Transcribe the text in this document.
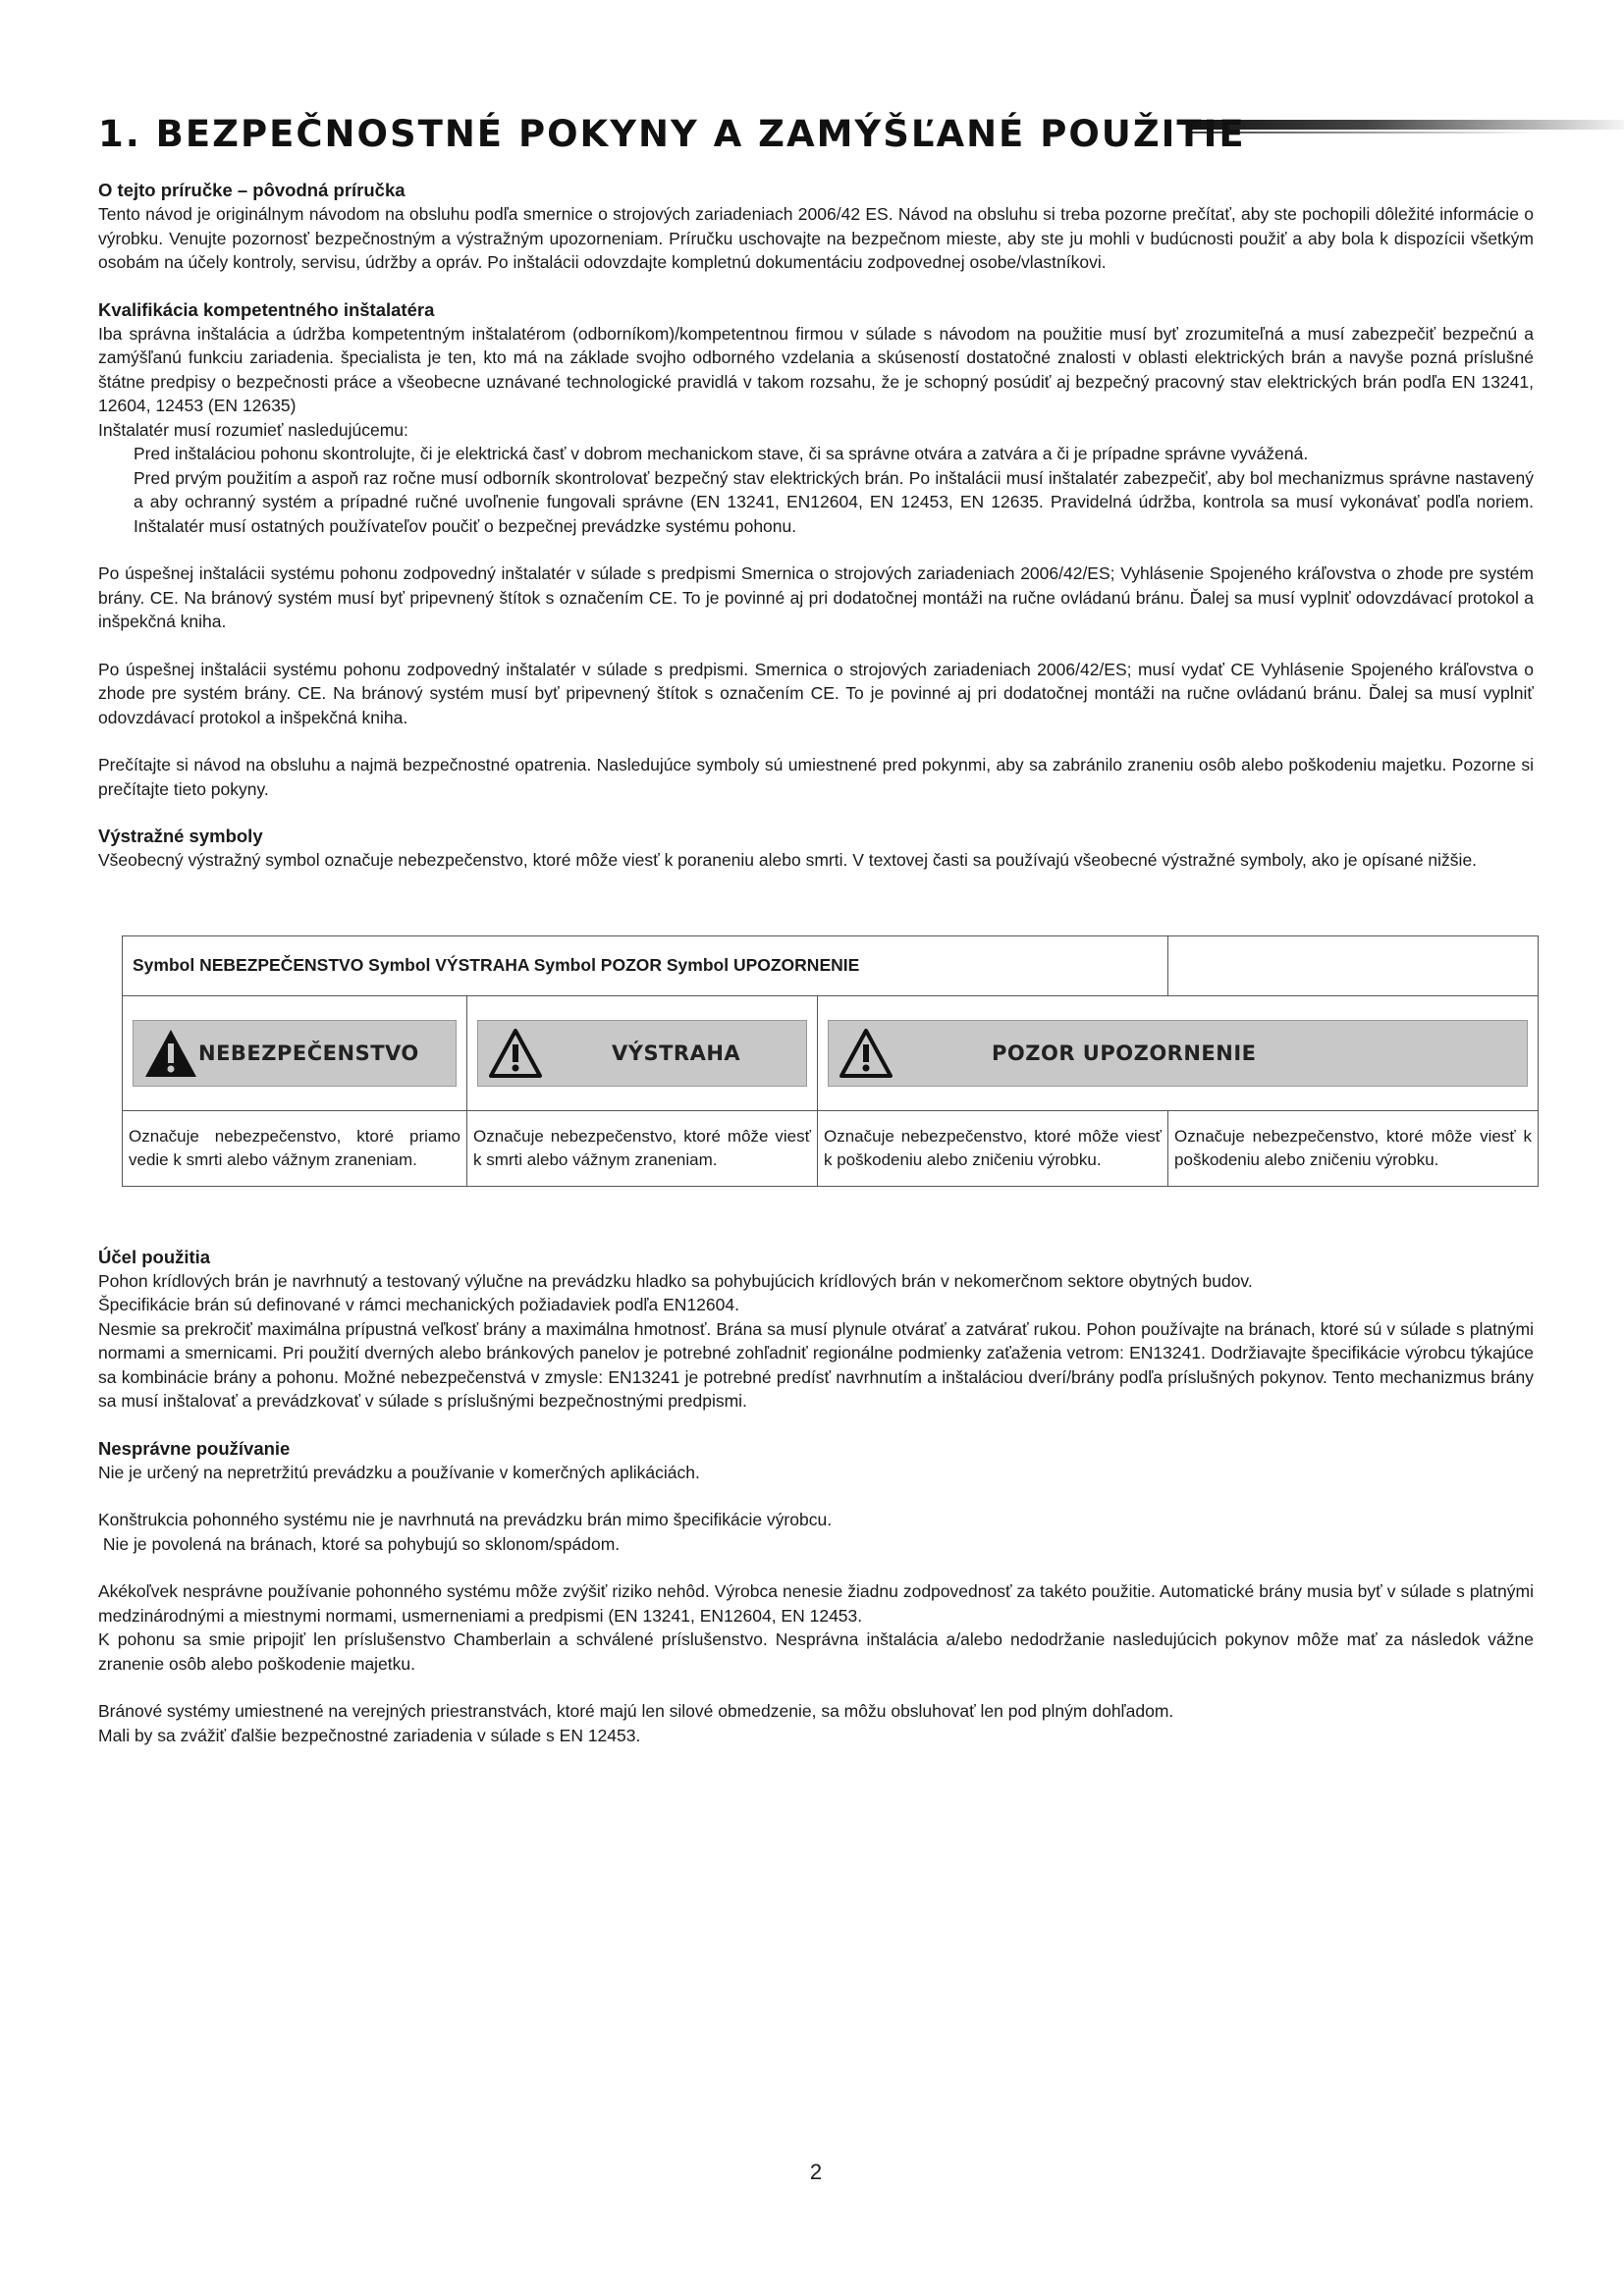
1. BEZPEČNOSTNÉ POKYNY A ZAMÝŠĽANÉ POUŽITIE
O tejto príručke – pôvodná príručka

Tento návod je originálnym návodom na obsluhu podľa smernice o strojových zariadeniach 2006/42 ES. Návod na obsluhu si treba pozorne prečítať, aby ste pochopili dôležité informácie o výrobku. Venujte pozornosť bezpečnostným a výstražným upozorneniam. Príručku uschovajte na bezpečnom mieste, aby ste ju mohli v budúcnosti použiť a aby bola k dispozícii všetkým osobám na účely kontroly, servisu, údržby a opráv. Po inštalácii odovzdajte kompletnú dokumentáciu zodpovednej osobe/vlastníkovi.

Kvalifikácia kompetentného inštalatéra

Iba správna inštalácia a údržba kompetentným inštalatérom (odborníkom)/kompetentnou firmou v súlade s návodom na použitie musí byť zrozumiteľná a musí zabezpečiť bezpečnú a zamýšľanú funkciu zariadenia. špecialista je ten, kto má na základe svojho odborného vzdelania a skúseností dostatočné znalosti v oblasti elektrických brán a navyše pozná príslušné štátne predpisy o bezpečnosti práce a všeobecne uznávané technologické pravidlá v takom rozsahu, že je schopný posúdiť aj bezpečný pracovný stav elektrických brán podľa EN 13241, 12604, 12453 (EN 12635)

Inštalatér musí rozumieť nasledujúcemu:

Pred inštaláciou pohonu skontrolujte, či je elektrická časť v dobrom mechanickom stave, či sa správne otvára a zatvára a či je prípadne správne vyvážená.

Pred prvým použitím a aspoň raz ročne musí odborník skontrolovať bezpečný stav elektrických brán. Po inštalácii musí inštalatér zabezpečiť, aby bol mechanizmus správne nastavený a aby ochranný systém a prípadné ručné uvoľnenie fungovali správne (EN 13241, EN12604, EN 12453, EN 12635. Pravidelná údržba, kontrola sa musí vykonávať podľa noriem. Inštalatér musí ostatných používateľov poučiť o bezpečnej prevádzke systému pohonu.

Po úspešnej inštalácii systému pohonu zodpovedný inštalatér v súlade s predpismi Smernica o strojových zariadeniach 2006/42/ES; Vyhlásenie Spojeného kráľovstva o zhode pre systém brány. CE. Na bránový systém musí byť pripevnený štítok s označením CE. To je povinné aj pri dodatočnej montáži na ručne ovládanú bránu. Ďalej sa musí vyplniť odovzdávací protokol a inšpekčná kniha.

Po úspešnej inštalácii systému pohonu zodpovedný inštalatér v súlade s predpismi. Smernica o strojových zariadeniach 2006/42/ES; musí vydať CE Vyhlásenie Spojeného kráľovstva o zhode pre systém brány. CE. Na bránový systém musí byť pripevnený štítok s označením CE. To je povinné aj pri dodatočnej montáži na ručne ovládanú bránu. Ďalej sa musí vyplniť odovzdávací protokol a inšpekčná kniha.

Prečítajte si návod na obsluhu a najmä bezpečnostné opatrenia. Nasledujúce symboly sú umiestnené pred pokynmi, aby sa zabránilo zraneniu osôb alebo poškodeniu majetku. Pozorne si prečítajte tieto pokyny.

Výstražné symboly

Všeobecný výstražný symbol označuje nebezpečenstvo, ktoré môže viesť k poraneniu alebo smrti. V textovej časti sa používajú všeobecné výstražné symboly, ako je opísané nižšie.

Symbol NEBEZPEČENSTVO Symbol VÝSTRAHA Symbol POZOR Symbol UPOZORNENIE			

NEBEZPEČENSTVO	VÝSTRAHA	POZOR UPOZORNENIE	

Označuje nebezpečenstvo, ktoré priamo vedie k smrti alebo vážnym zraneniam.	Označuje nebezpečenstvo, ktoré môže viesť k smrti alebo vážnym zraneniam.	Označuje nebezpečenstvo, ktoré môže viesť k poškodeniu alebo zničeniu výrobku.	Označuje nebezpečenstvo, ktoré môže viesť k poškodeniu alebo zničeniu výrobku.
Účel použitia

Pohon krídlových brán je navrhnutý a testovaný výlučne na prevádzku hladko sa pohybujúcich krídlových brán v nekomerčnom sektore obytných budov.

Špecifikácie brán sú definované v rámci mechanických požiadaviek podľa EN12604.

Nesmie sa prekročiť maximálna prípustná veľkosť brány a maximálna hmotnosť. Brána sa musí plynule otvárať a zatvárať rukou. Pohon používajte na bránach, ktoré sú v súlade s platnými normami a smernicami. Pri použití dverných alebo bránkových panelov je potrebné zohľadniť regionálne podmienky zaťaženia vetrom: EN13241. Dodržiavajte špecifikácie výrobcu týkajúce sa kombinácie brány a pohonu. Možné nebezpečenstvá v zmysle: EN13241 je potrebné predísť navrhnutím a inštaláciou dverí/brány podľa príslušných pokynov. Tento mechanizmus brány sa musí inštalovať a prevádzkovať v súlade s príslušnými bezpečnostnými predpismi.

Nesprávne používanie

Nie je určený na nepretržitú prevádzku a používanie v komerčných aplikáciách.

Konštrukcia pohonného systému nie je navrhnutá na prevádzku brán mimo špecifikácie výrobcu.

Nie je povolená na bránach, ktoré sa pohybujú so sklonom/spádom.

Akékoľvek nesprávne používanie pohonného systému môže zvýšiť riziko nehôd. Výrobca nenesie žiadnu zodpovednosť za takéto použitie. Automatické brány musia byť v súlade s platnými medzinárodnými a miestnymi normami, usmerneniami a predpismi (EN 13241, EN12604, EN 12453.

K pohonu sa smie pripojiť len príslušenstvo Chamberlain a schválené príslušenstvo. Nesprávna inštalácia a/alebo nedodržanie nasledujúcich pokynov môže mať za následok vážne zranenie osôb alebo poškodenie majetku.

Bránové systémy umiestnené na verejných priestranstvách, ktoré majú len silové obmedzenie, sa môžu obsluhovať len pod plným dohľadom.

Mali by sa zvážiť ďalšie bezpečnostné zariadenia v súlade s EN 12453.

2
